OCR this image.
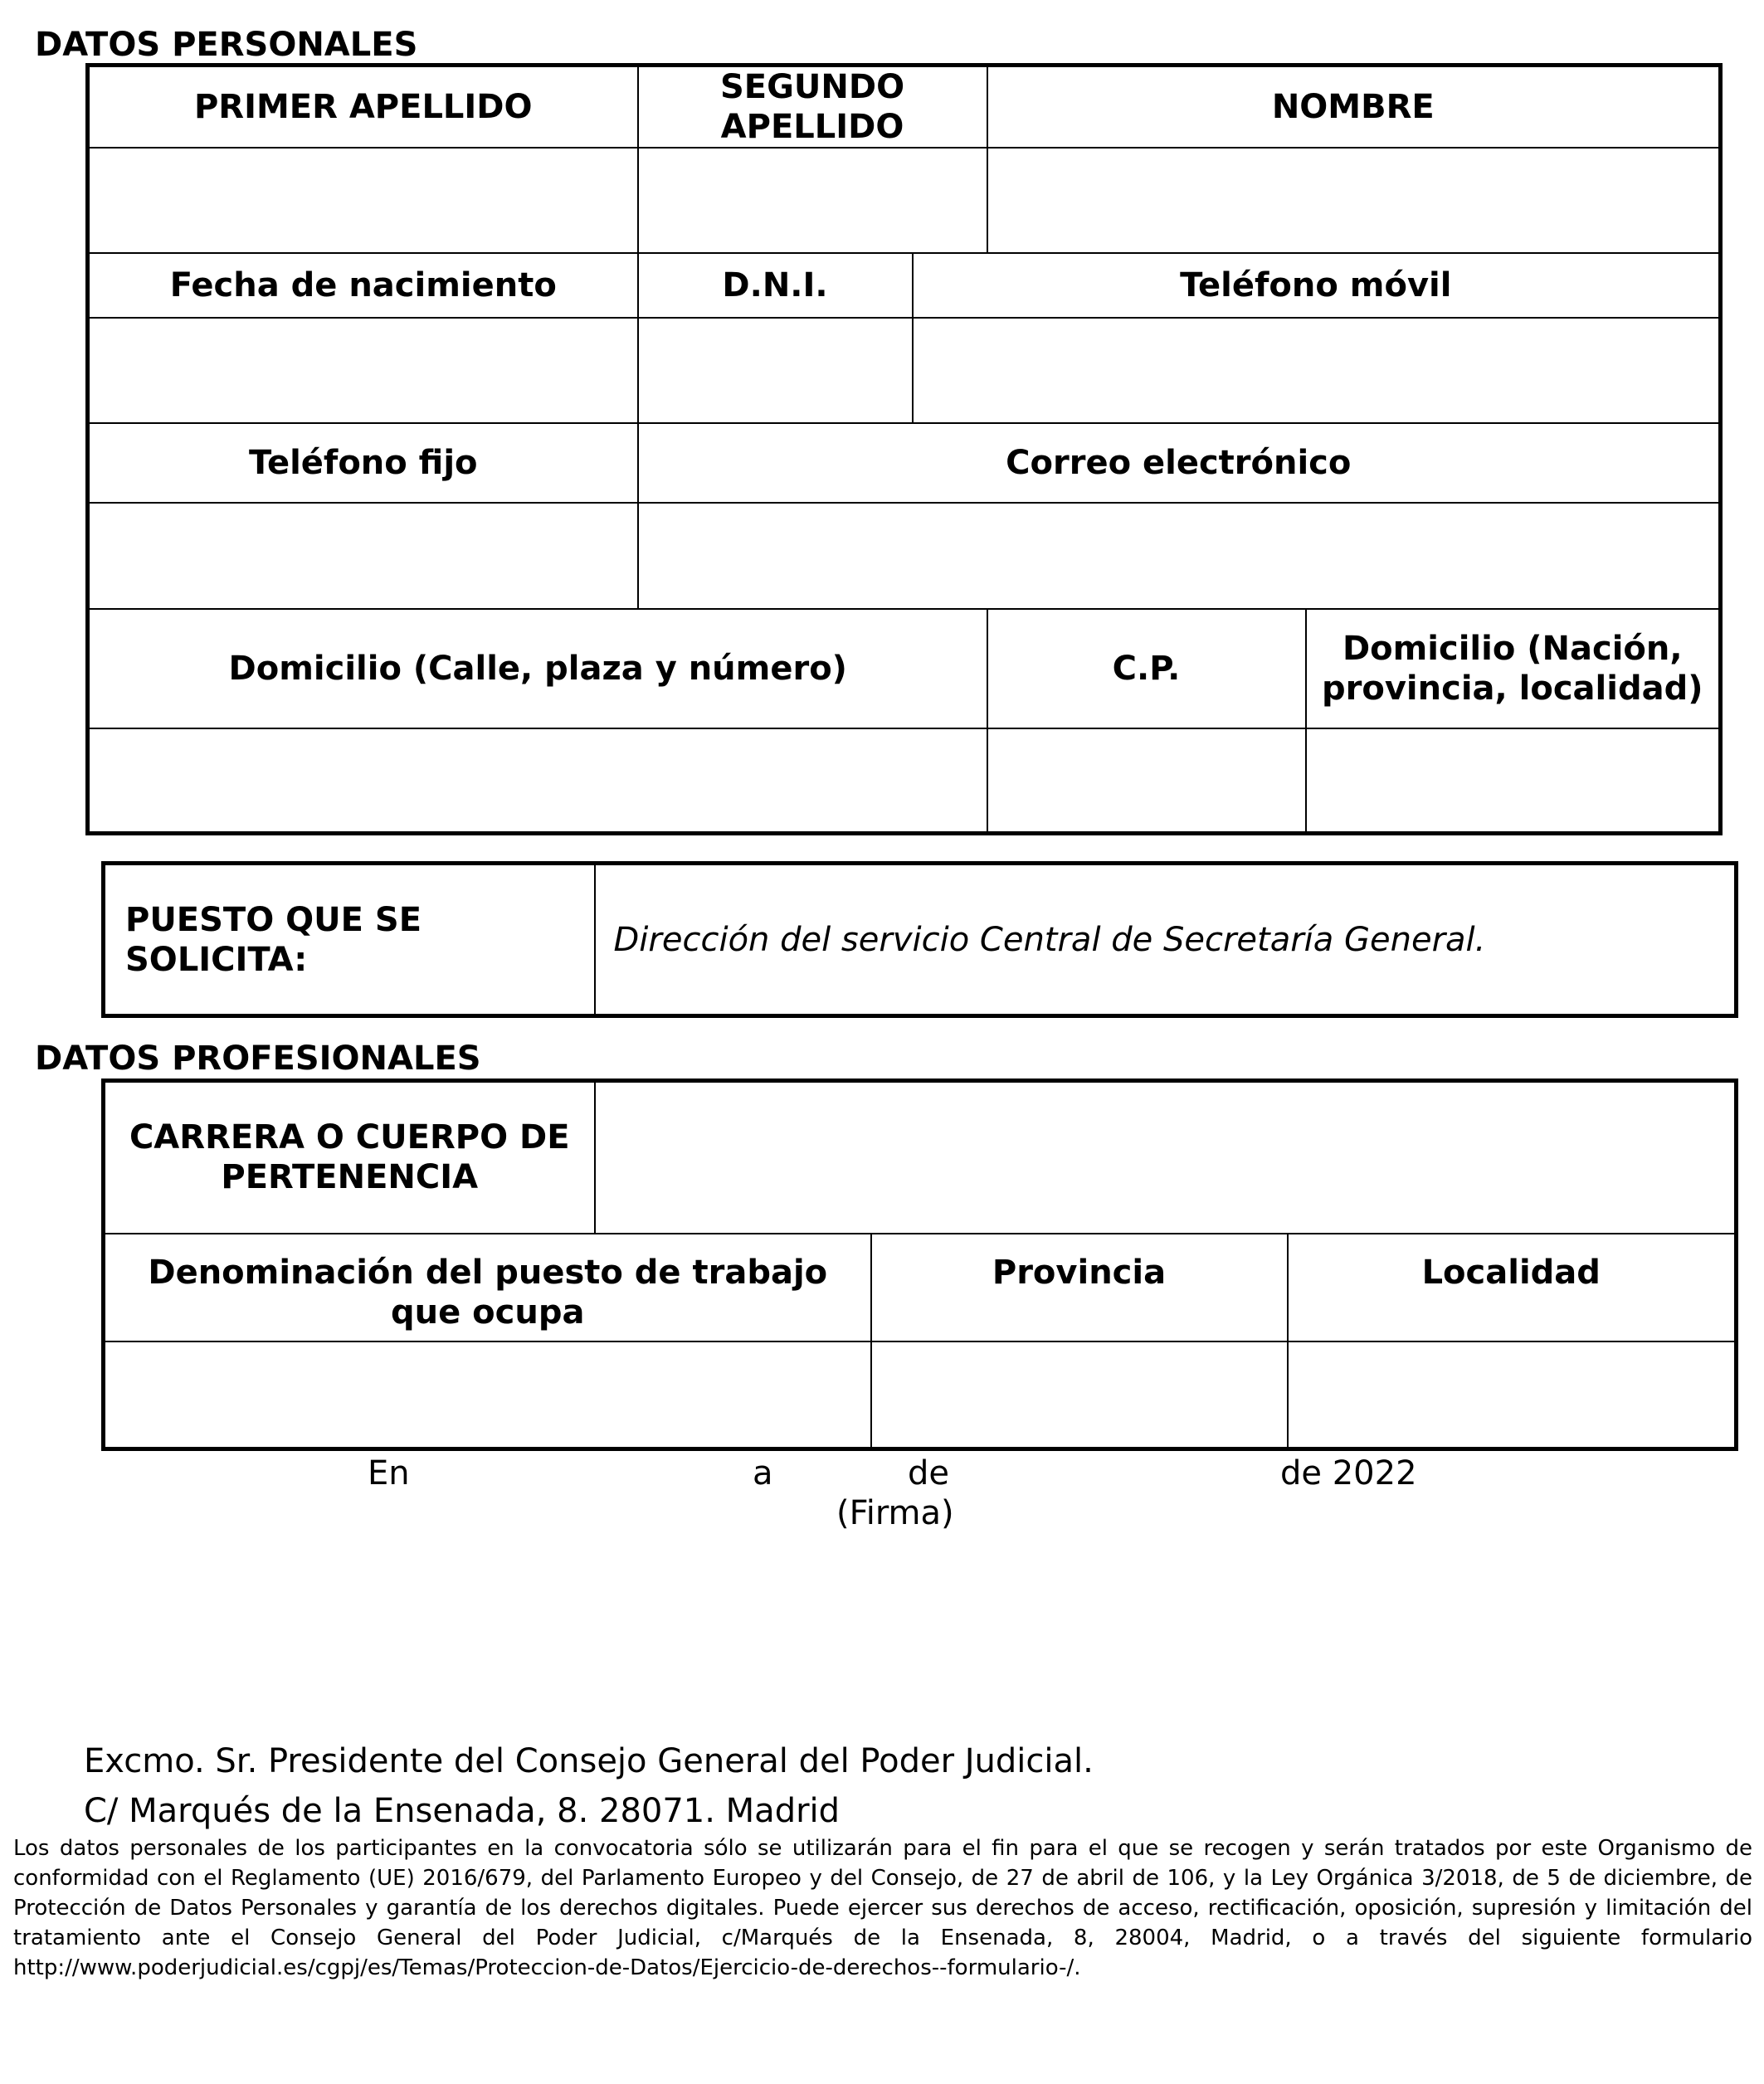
DATOS PERSONALES
PRIMER APELLIDO	SEGUNDO APELLIDO		NOMBRE	

Fecha de nacimiento	D.N.I.	Teléfono móvil		

Teléfono fijo	Correo electrónico			

Domicilio (Calle, plaza y número)			C.P.	Domicilio (Nación, provincia, localidad)

PUESTO QUE SE SOLICITA:	Dirección del servicio Central de Secretaría General.
DATOS PROFESIONALES
CARRERA O CUERPO DE PERTENENCIA			
Denominación del puesto de trabajo que ocupa		Provincia	Localidad

En	a	de	de 2022
(Firma)
Excmo. Sr. Presidente del Consejo General del Poder Judicial.
C/ Marqués de la Ensenada, 8. 28071. Madrid
Los datos personales de los participantes en la convocatoria sólo se utilizarán para el fin para el que se recogen y serán tratados por este Organismo de conformidad con el Reglamento (UE) 2016/679, del Parlamento Europeo y del Consejo, de 27 de abril de 106, y la Ley Orgánica 3/2018, de 5 de diciembre, de Protección de Datos Personales y garantía de los derechos digitales. Puede ejercer sus derechos de acceso, rectificación, oposición, supresión y limitación del tratamiento ante el Consejo General del Poder Judicial, c/Marqués de la Ensenada, 8, 28004, Madrid, o a través del siguiente formulario http://www.poderjudicial.es/cgpj/es/Temas/Proteccion-de-Datos/Ejercicio-de-derechos--formulario-/.
